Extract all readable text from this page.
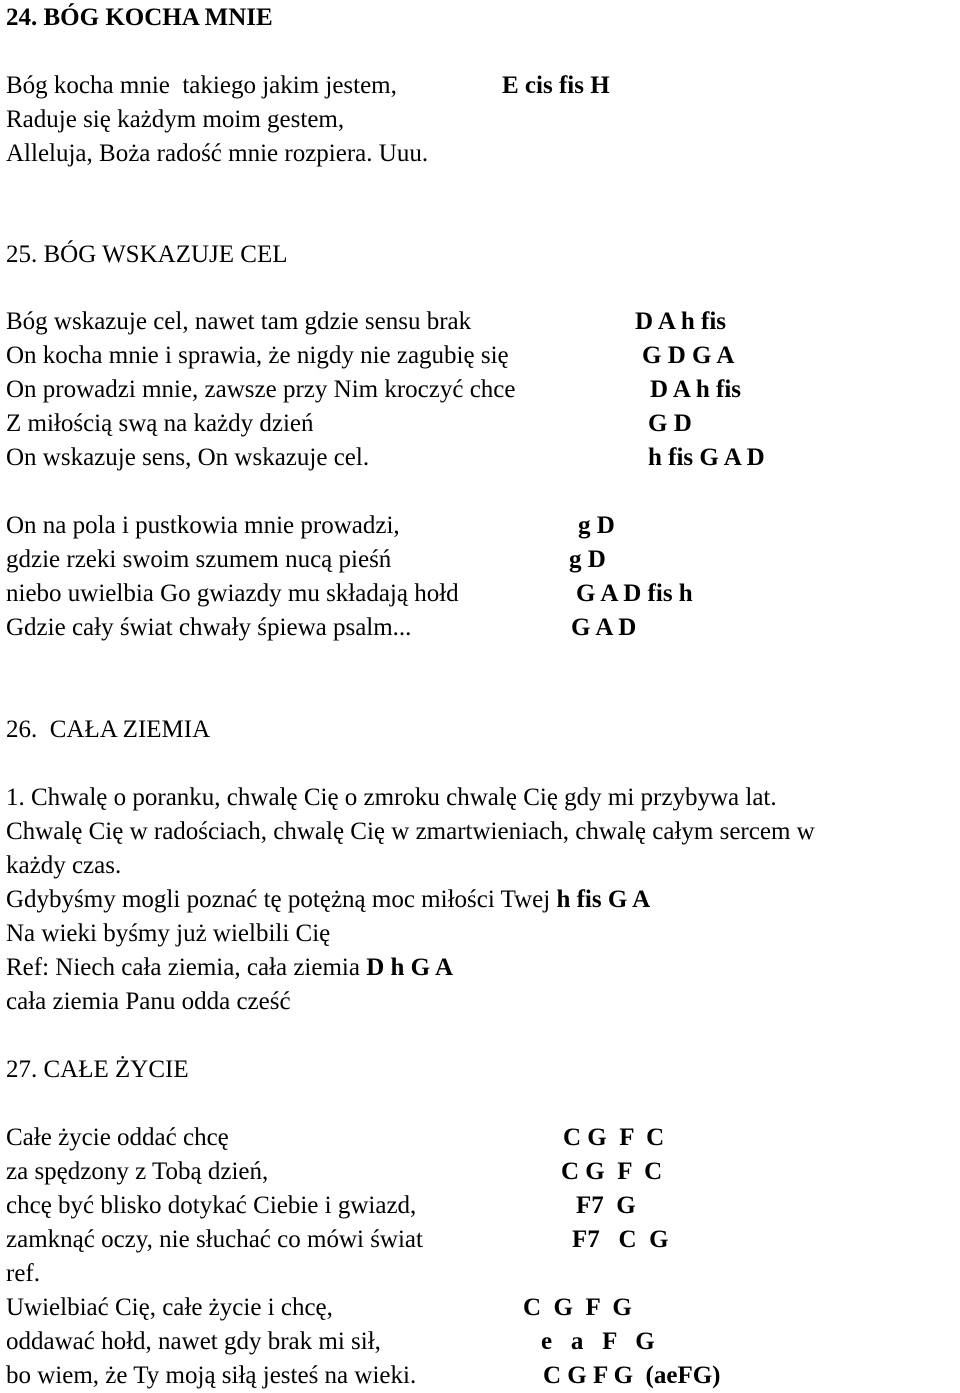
24. BÓG KOCHA MNIE
Bóg kocha mnie  takiego jakim jestem,	E cis fis H
Raduje się każdym moim gestem,
Alleluja, Boża radość mnie rozpiera. Uuu.
25. BÓG WSKAZUJE CEL
Bóg wskazuje cel, nawet tam gdzie sensu brak	D A h fis
On kocha mnie i sprawia, że nigdy nie zagubię się	G D G A
On prowadzi mnie, zawsze przy Nim kroczyć chce	D A h fis
Z miłością swą na każdy dzień	G D
On wskazuje sens, On wskazuje cel.	h fis G A D
On na pola i pustkowia mnie prowadzi,	g D
gdzie rzeki swoim szumem nucą pieśń	g D
niebo uwielbia Go gwiazdy mu składają hołd	G A D fis h
Gdzie cały świat chwały śpiewa psalm...	G A D
26.  CAŁA ZIEMIA
1. Chwalę o poranku, chwalę Cię o zmroku chwalę Cię gdy mi przybywa lat.
Chwalę Cię w radościach, chwalę Cię w zmartwieniach, chwalę całym sercem w
każdy czas.
Gdybyśmy mogli poznać tę potężną moc miłości Twej h fis G A
Na wieki byśmy już wielbili Cię
Ref: Niech cała ziemia, cała ziemia D h G A
cała ziemia Panu odda cześć
27. CAŁE ŻYCIE
Całe życie oddać chcę	C G  F  C
za spędzony z Tobą dzień,	C G  F  C
chcę być blisko dotykać Ciebie i gwiazd,	F7  G
zamknąć oczy, nie słuchać co mówi świat	F7   C  G
ref.
Uwielbiać Cię, całe życie i chcę,	C  G  F  G
oddawać hołd, nawet gdy brak mi sił,	e   a   F   G
bo wiem, że Ty moją siłą jesteś na wieki.	C G F G  (aeFG)
